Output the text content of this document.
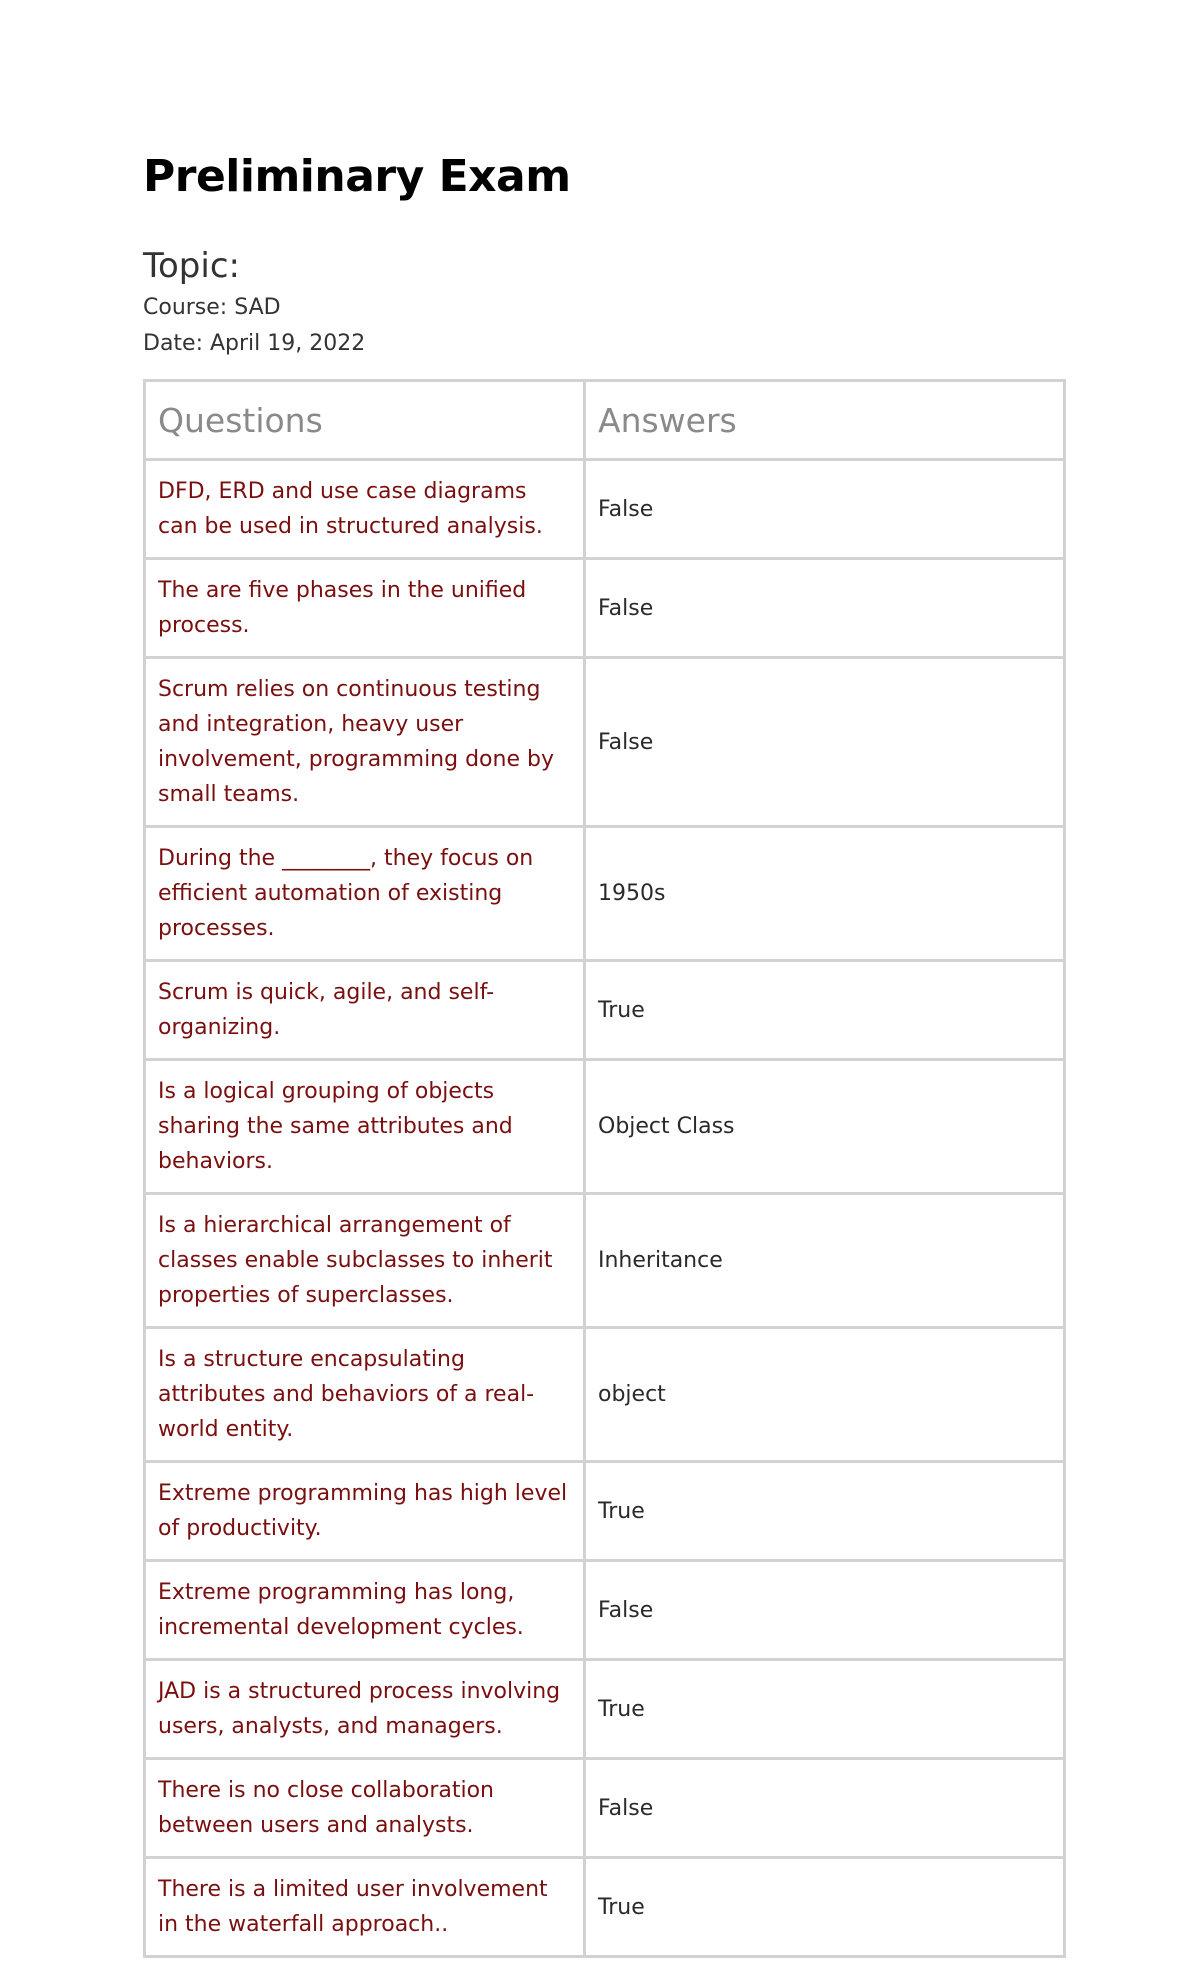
Preliminary Exam
Topic:
Course: SAD
Date: April 19, 2022
Questions	Answers
DFD, ERD and use case diagrams can be used in structured analysis.	False
The are five phases in the unified process.	False
Scrum relies on continuous testing and integration, heavy user involvement, programming done by small teams.	False
During the ________, they focus on efficient automation of existing processes.	1950s
Scrum is quick, agile, and self-organizing.	True
Is a logical grouping of objects sharing the same attributes and behaviors.	Object Class
Is a hierarchical arrangement of classes enable subclasses to inherit properties of superclasses.	Inheritance
Is a structure encapsulating attributes and behaviors of a real-world entity.	object
Extreme programming has high level of productivity.	True
Extreme programming has long, incremental development cycles.	False
JAD is a structured process involving users, analysts, and managers.	True
There is no close collaboration between users and analysts.	False
There is a limited user involvement in the waterfall approach..	True
